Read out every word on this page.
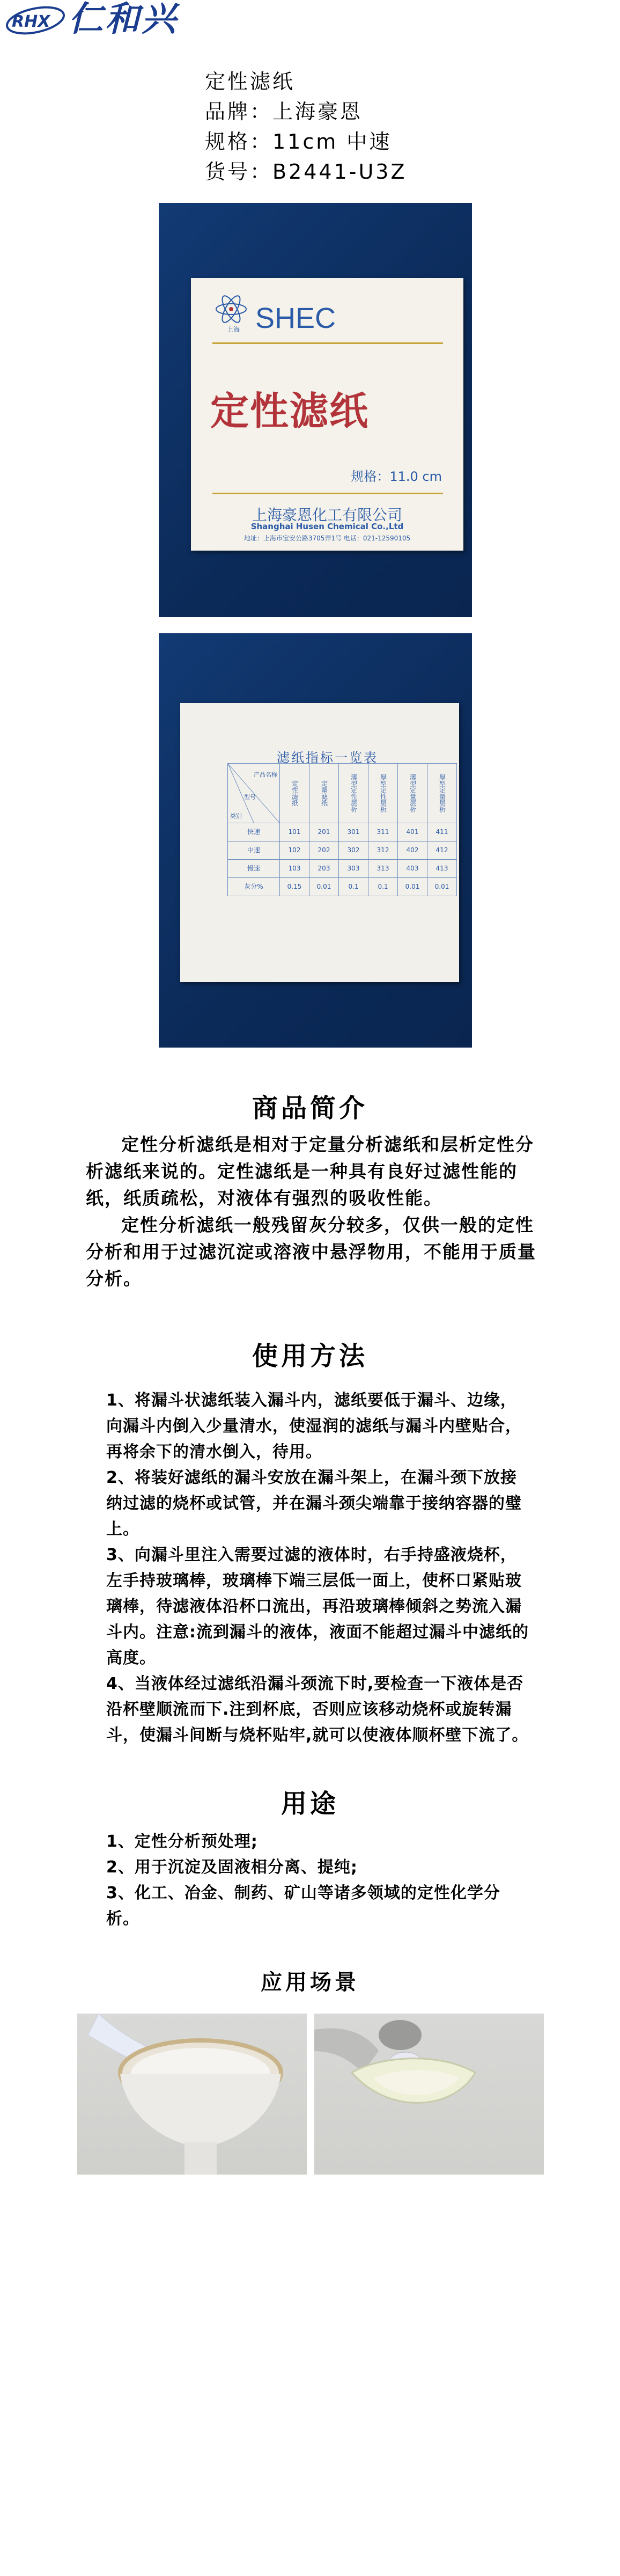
RHX 仁和兴
定性滤纸
品牌：上海豪恩
规格：11cm 中速
货号：B2441-U3Z
上海 SHEC
定性滤纸
规格：11.0 cm
上海豪恩化工有限公司
Shanghai Husen Chemical Co.,Ltd
地址：上海市宝安公路3705弄1号 电话：021-12590105
滤纸指标一览表
产品名称
型号
类别	定性滤纸	定量滤纸	薄型定性层析	厚型定性层析	薄型定量层析	厚型定量层析
快速	101	201	301	311	401	411
中速	102	202	302	312	402	412
慢速	103	203	303	313	403	413
灰分%	0.15	0.01	0.1	0.1	0.01	0.01
商品简介

定性分析滤纸是相对于定量分析滤纸和层析定性分析滤纸来说的。定性滤纸是一种具有良好过滤性能的纸，纸质疏松，对液体有强烈的吸收性能。

定性分析滤纸一般残留灰分较多，仅供一般的定性分析和用于过滤沉淀或溶液中悬浮物用，不能用于质量分析。

使用方法

1、将漏斗状滤纸装入漏斗内，滤纸要低于漏斗、边缘，向漏斗内倒入少量清水，使湿润的滤纸与漏斗内壁贴合，再将余下的清水倒入，待用。

2、将装好滤纸的漏斗安放在漏斗架上，在漏斗颈下放接纳过滤的烧杯或试管，并在漏斗颈尖端靠于接纳容器的璧上。

3、向漏斗里注入需要过滤的液体时，右手持盛液烧杯，左手持玻璃棒，玻璃棒下端三层低一面上，使杯口紧贴玻璃棒，待滤液体沿杯口流出，再沿玻璃棒倾斜之势流入漏斗内。注意:流到漏斗的液体，液面不能超过漏斗中滤纸的高度。

4、当液体经过滤纸沿漏斗颈流下时,要检查一下液体是否沿杯壁顺流而下.注到杯底，否则应该移动烧杯或旋转漏斗，使漏斗间断与烧杯贴牢,就可以使液体顺杯壁下流了。

用途

1、定性分析预处理;

2、用于沉淀及固液相分离、提纯;

3、化工、冶金、制药、矿山等诸多领域的定性化学分析。

应用场景
